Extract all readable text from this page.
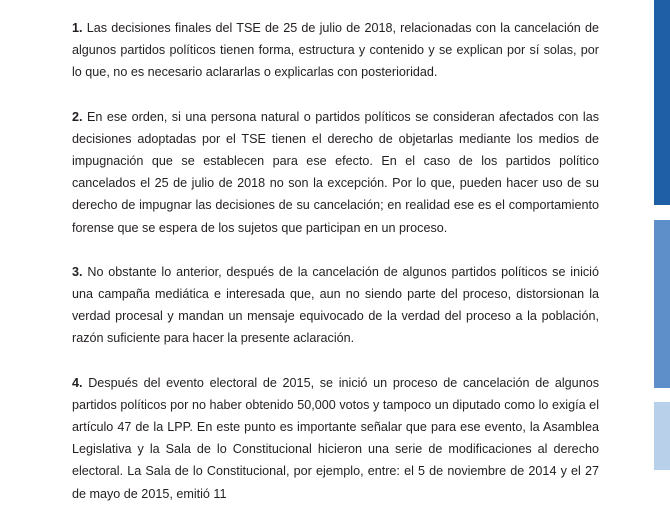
1. Las decisiones finales del TSE de 25 de julio de 2018, relacionadas con la cancelación de algunos partidos políticos tienen forma, estructura y contenido y se explican por sí solas, por lo que, no es necesario aclararlas o explicarlas con posterioridad.

2. En ese orden, si una persona natural o partidos políticos se consideran afectados con las decisiones adoptadas por el TSE tienen el derecho de objetarlas mediante los medios de impugnación que se establecen para ese efecto. En el caso de los partidos político cancelados el 25 de julio de 2018 no son la excepción. Por lo que, pueden hacer uso de su derecho de impugnar las decisiones de su cancelación; en realidad ese es el comportamiento forense que se espera de los sujetos que participan en un proceso.

3. No obstante lo anterior, después de la cancelación de algunos partidos políticos se inició una campaña mediática e interesada que, aun no siendo parte del proceso, distorsionan la verdad procesal y mandan un mensaje equivocado de la verdad del proceso a la población, razón suficiente para hacer la presente aclaración.

4. Después del evento electoral de 2015, se inició un proceso de cancelación de algunos partidos políticos por no haber obtenido 50,000 votos y tampoco un diputado como lo exigía el artículo 47 de la LPP. En este punto es importante señalar que para ese evento, la Asamblea Legislativa y la Sala de lo Constitucional hicieron una serie de modificaciones al derecho electoral. La Sala de lo Constitucional, por ejemplo, entre: el 5 de noviembre de 2014 y el 27 de mayo de 2015, emitió 11
